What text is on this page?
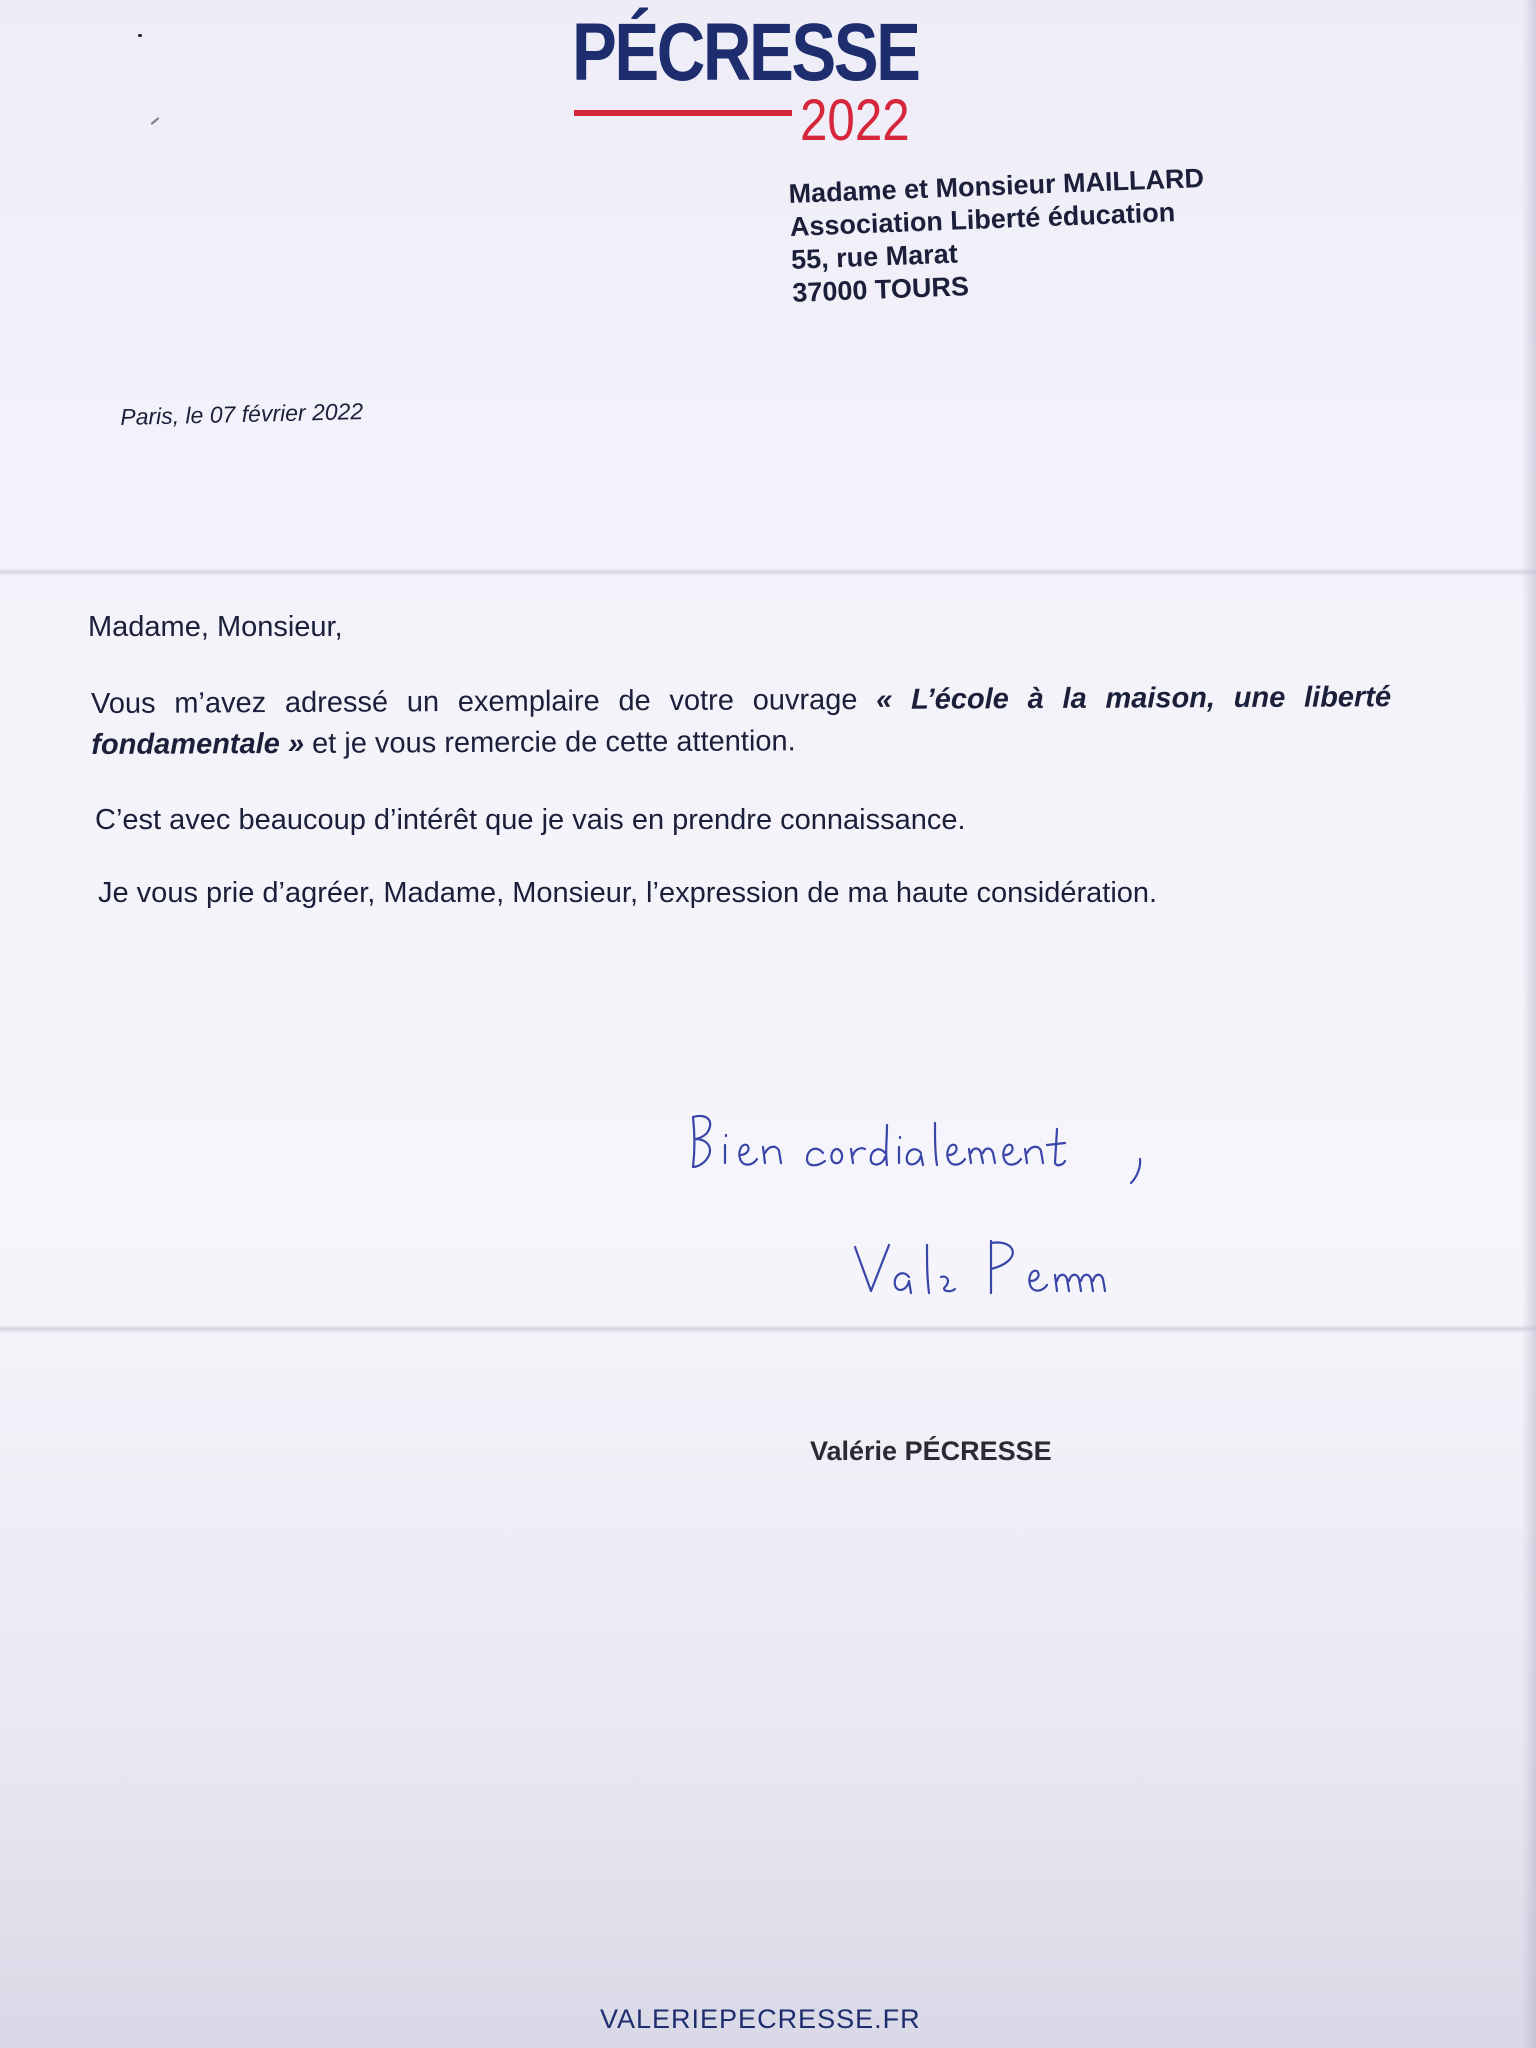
PÉCRESSE
2022
Madame et Monsieur MAILLARD
Association Liberté éducation
55, rue Marat
37000 TOURS
Paris, le 07 février 2022
Madame, Monsieur,
Vous m’avez adressé un exemplaire de votre ouvrage « L’école à la maison, une liberté fondamentale » et je vous remercie de cette attention.
C’est avec beaucoup d’intérêt que je vais en prendre connaissance.
Je vous prie d’agréer, Madame, Monsieur, l’expression de ma haute considération.
Valérie PÉCRESSE
VALERIEPECRESSE.FR
